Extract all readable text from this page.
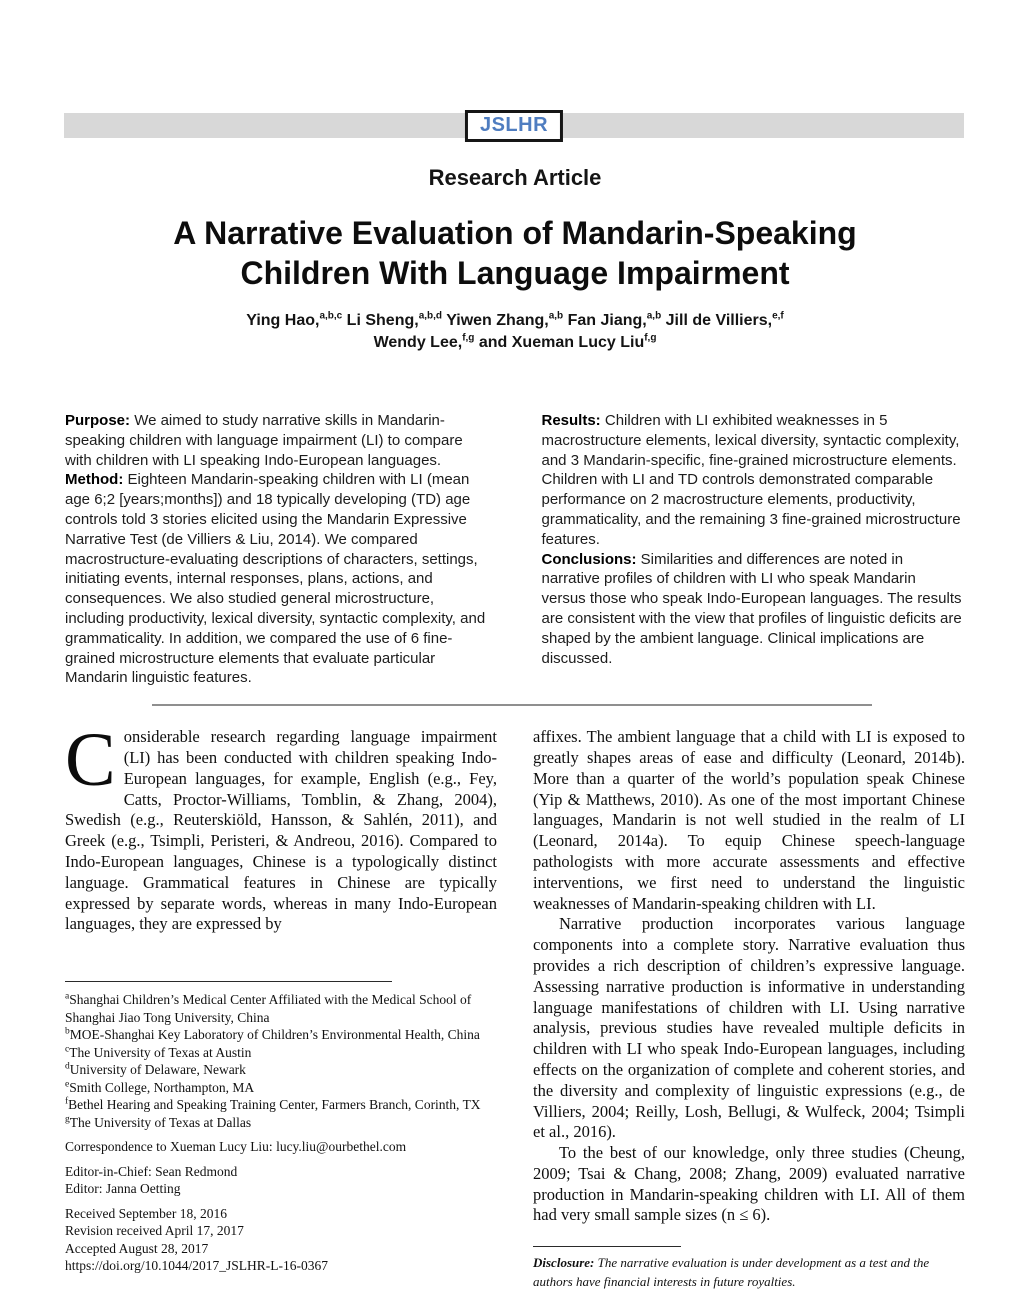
JSLHR
Research Article
A Narrative Evaluation of Mandarin-Speaking
Children With Language Impairment
Ying Hao,$^{a,b,c}$ Li Sheng,$^{a,b,d}$ Yiwen Zhang,$^{a,b}$ Fan Jiang,$^{a,b}$ Jill de Villiers,$^{e,f}$
Wendy Lee,$^{f,g}$ and Xueman Lucy Liu$^{f,g}$

Purpose: We aimed to study narrative skills in Mandarin-speaking children with language impairment (LI) to compare with children with LI speaking Indo-European languages.

Method: Eighteen Mandarin-speaking children with LI (mean age 6;2 [years;months]) and 18 typically developing (TD) age controls told 3 stories elicited using the Mandarin Expressive Narrative Test (de Villiers & Liu, 2014). We compared macrostructure-evaluating descriptions of characters, settings, initiating events, internal responses, plans, actions, and consequences. We also studied general microstructure, including productivity, lexical diversity, syntactic complexity, and grammaticality. In addition, we compared the use of 6 fine-grained microstructure elements that evaluate particular Mandarin linguistic features.

Results: Children with LI exhibited weaknesses in 5 macrostructure elements, lexical diversity, syntactic complexity, and 3 Mandarin-specific, fine-grained microstructure elements. Children with LI and TD controls demonstrated comparable performance on 2 macrostructure elements, productivity, grammaticality, and the remaining 3 fine-grained microstructure features.

Conclusions: Similarities and differences are noted in narrative profiles of children with LI who speak Mandarin versus those who speak Indo-European languages. The results are consistent with the view that profiles of linguistic deficits are shaped by the ambient language. Clinical implications are discussed.

Considerable research regarding language impairment (LI) has been conducted with children speaking Indo-European languages, for example, English (e.g., Fey, Catts, Proctor-Williams, Tomblin, & Zhang, 2004), Swedish (e.g., Reuterskiöld, Hansson, & Sahlén, 2011), and Greek (e.g., Tsimpli, Peristeri, & Andreou, 2016). Compared to Indo-European languages, Chinese is a typologically distinct language. Grammatical features in Chinese are typically expressed by separate words, whereas in many Indo-European languages, they are expressed by

$^a$Shanghai Children’s Medical Center Affiliated with the Medical School of Shanghai Jiao Tong University, China
$^b$MOE-Shanghai Key Laboratory of Children’s Environmental Health, China
$^c$The University of Texas at Austin
$^d$University of Delaware, Newark
$^e$Smith College, Northampton, MA
$^f$Bethel Hearing and Speaking Training Center, Farmers Branch, Corinth, TX
$^g$The University of Texas at Dallas
Correspondence to Xueman Lucy Liu: lucy.liu@ourbethel.com
Editor-in-Chief: Sean Redmond
Editor: Janna Oetting
Received September 18, 2016
Revision received April 17, 2017
Accepted August 28, 2017
https://doi.org/10.1044/2017_JSLHR-L-16-0367

affixes. The ambient language that a child with LI is exposed to greatly shapes areas of ease and difficulty (Leonard, 2014b). More than a quarter of the world’s population speak Chinese (Yip & Matthews, 2010). As one of the most important Chinese languages, Mandarin is not well studied in the realm of LI (Leonard, 2014a). To equip Chinese speech-language pathologists with more accurate assessments and effective interventions, we first need to understand the linguistic weaknesses of Mandarin-speaking children with LI.

Narrative production incorporates various language components into a complete story. Narrative evaluation thus provides a rich description of children’s expressive language. Assessing narrative production is informative in understanding language manifestations of children with LI. Using narrative analysis, previous studies have revealed multiple deficits in children with LI who speak Indo-European languages, including effects on the organization of complete and coherent stories, and the diversity and complexity of linguistic expressions (e.g., de Villiers, 2004; Reilly, Losh, Bellugi, & Wulfeck, 2004; Tsimpli et al., 2016).

To the best of our knowledge, only three studies (Cheung, 2009; Tsai & Chang, 2008; Zhang, 2009) evaluated narrative production in Mandarin-speaking children with LI. All of them had very small sample sizes (n ≤ 6).

Disclosure: The narrative evaluation is under development as a test and the authors have financial interests in future royalties.
